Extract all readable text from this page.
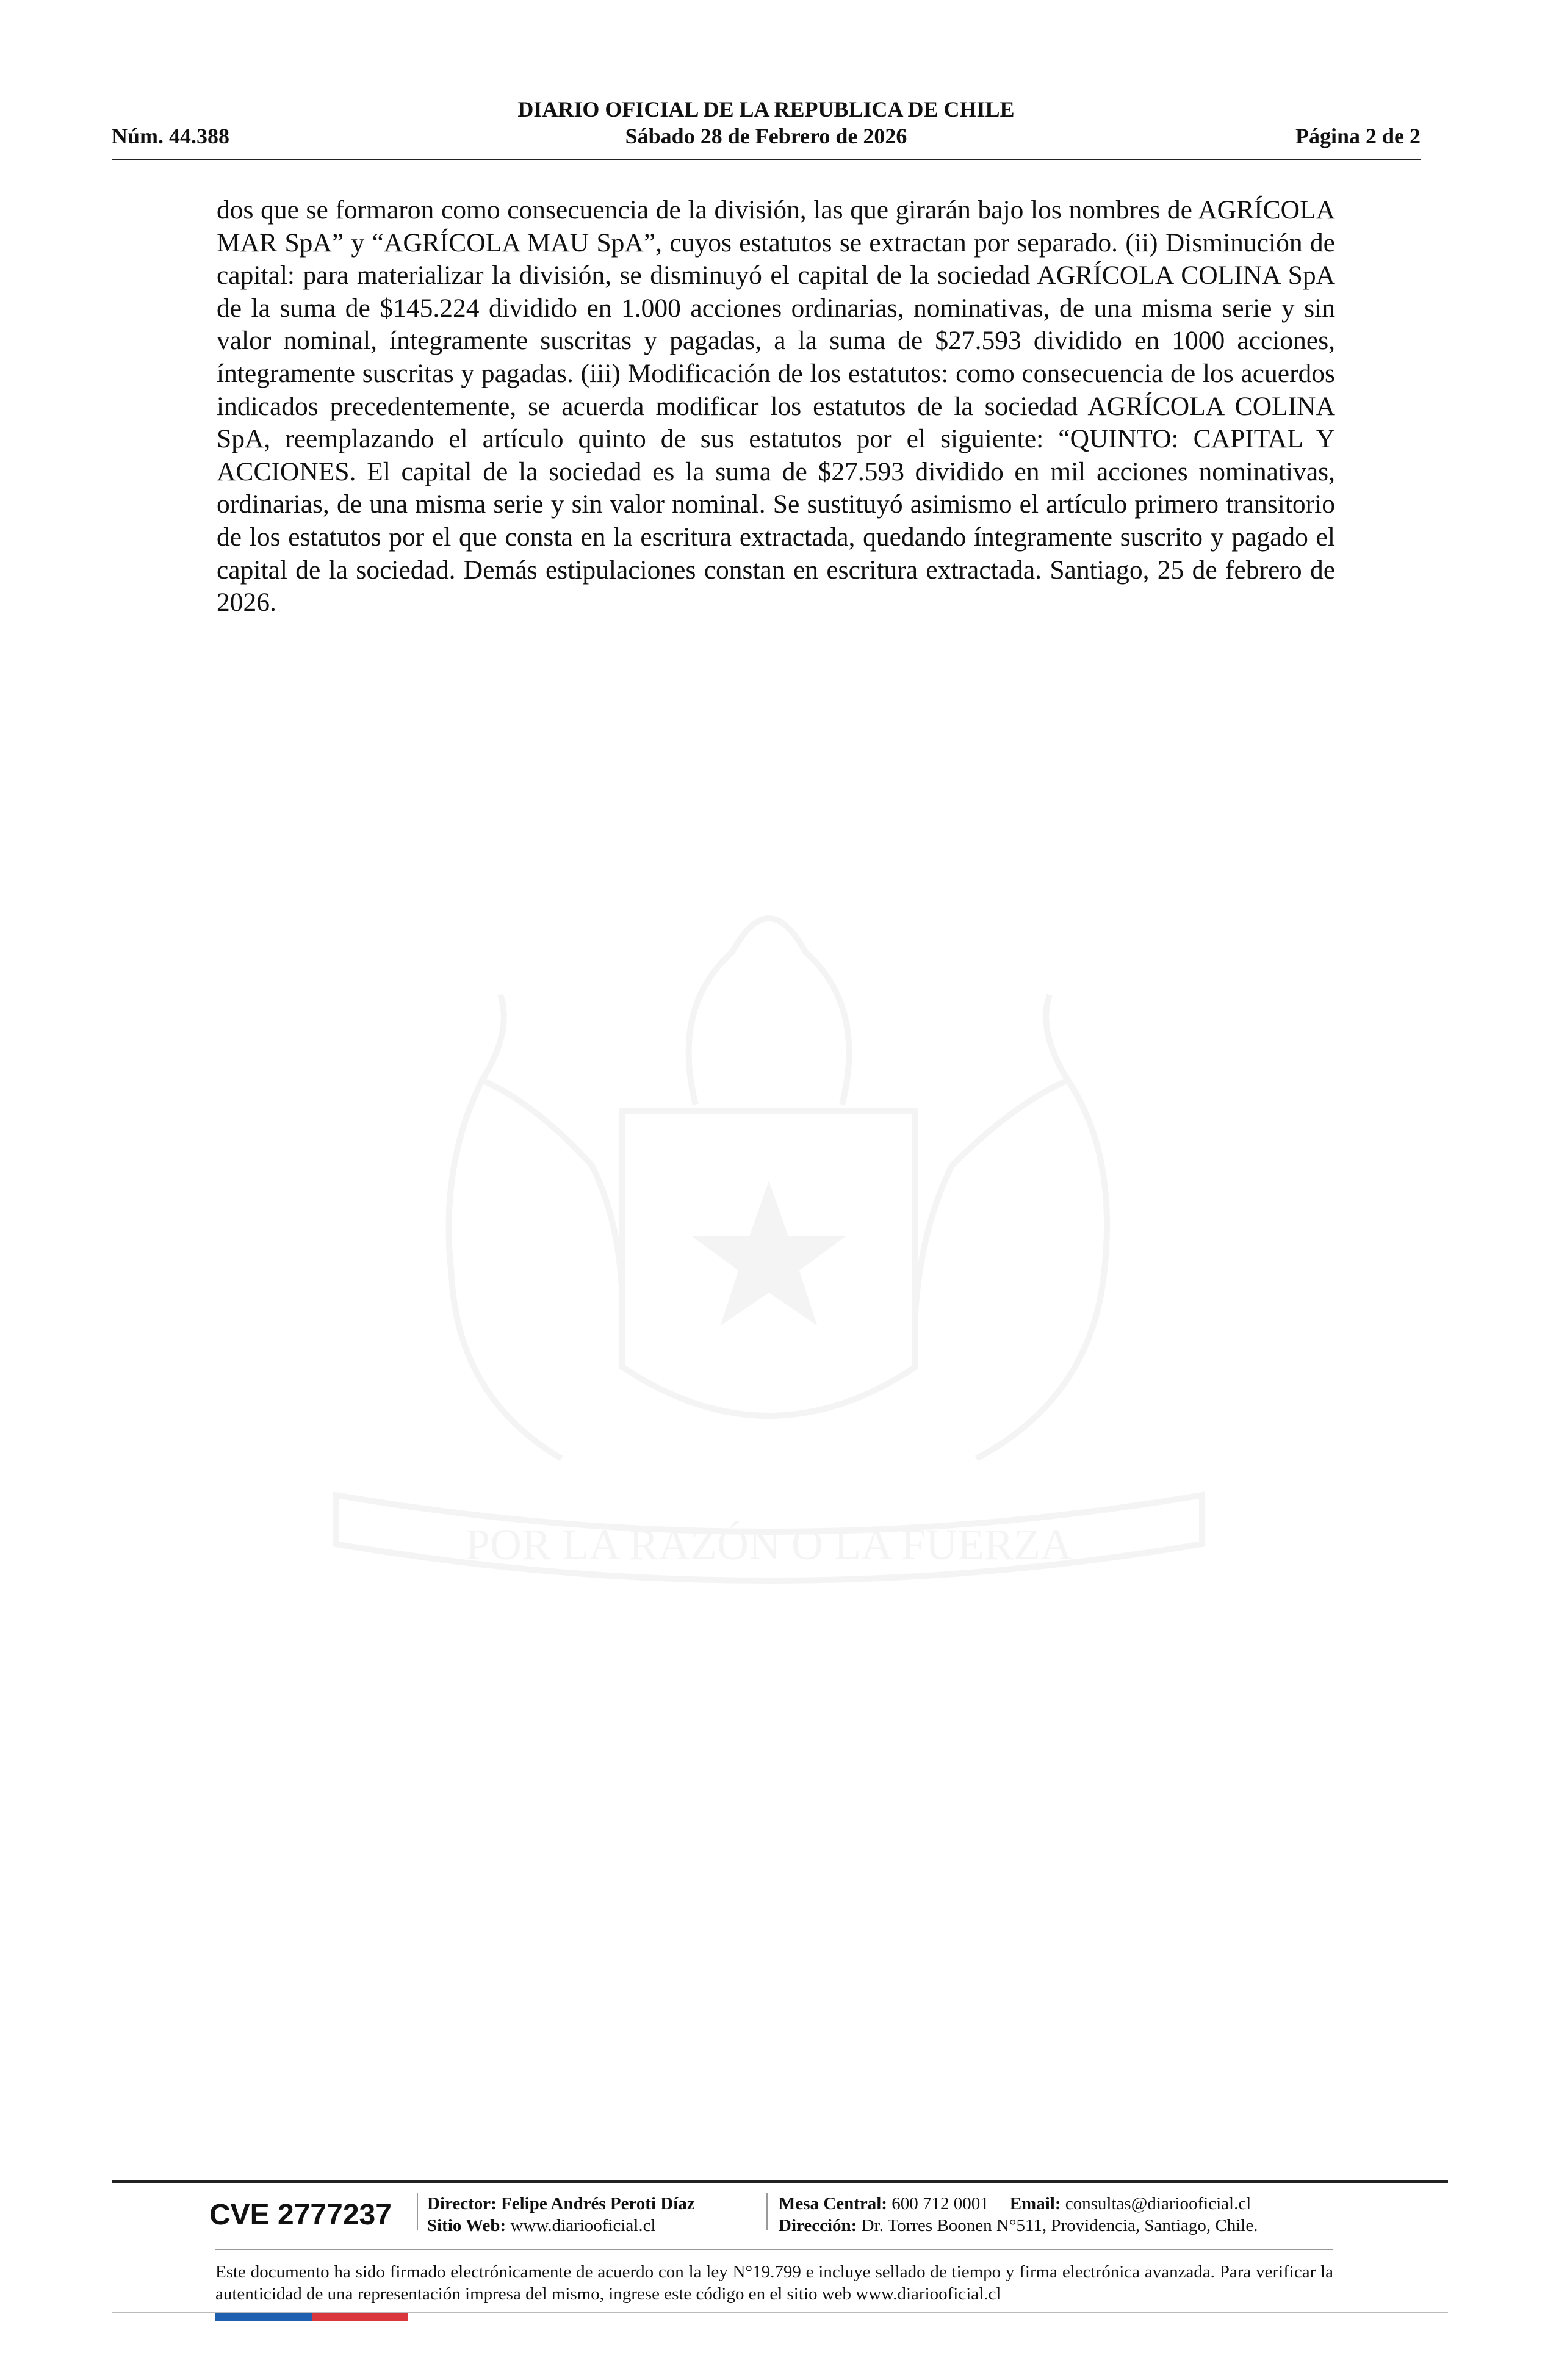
DIARIO OFICIAL DE LA REPUBLICA DE CHILE
Núm. 44.388	Sábado 28 de Febrero de 2026	Página 2 de 2
dos que se formaron como consecuencia de la división, las que girarán bajo los nombres de AGRÍCOLA MAR SpA” y “AGRÍCOLA MAU SpA”, cuyos estatutos se extractan por separado. (ii) Disminución de capital: para materializar la división, se disminuyó el capital de la sociedad AGRÍCOLA COLINA SpA de la suma de $145.224 dividido en 1.000 acciones ordinarias, nominativas, de una misma serie y sin valor nominal, íntegramente suscritas y pagadas, a la suma de $27.593 dividido en 1000 acciones, íntegramente suscritas y pagadas. (iii) Modificación de los estatutos: como consecuencia de los acuerdos indicados precedentemente, se acuerda modificar los estatutos de la sociedad AGRÍCOLA COLINA SpA, reemplazando el artículo quinto de sus estatutos por el siguiente: “QUINTO: CAPITAL Y ACCIONES. El capital de la sociedad es la suma de $27.593 dividido en mil acciones nominativas, ordinarias, de una misma serie y sin valor nominal. Se sustituyó asimismo el artículo primero transitorio de los estatutos por el que consta en la escritura extractada, quedando íntegramente suscrito y pagado el capital de la sociedad. Demás estipulaciones constan en escritura extractada. Santiago, 25 de febrero de 2026.
POR LA RAZÓN O LA FUERZA
CVE 2777237	Director: Felipe Andrés Peroti Díaz
Sitio Web: www.diariooficial.cl
Mesa Central: 600 712 0001 Email: consultas@diariooficial.cl
Dirección: Dr. Torres Boonen N°511, Providencia, Santiago, Chile.
Este documento ha sido firmado electrónicamente de acuerdo con la ley N°19.799 e incluye sellado de tiempo y firma electrónica avanzada. Para verificar la autenticidad de una representación impresa del mismo, ingrese este código en el sitio web www.diariooficial.cl
